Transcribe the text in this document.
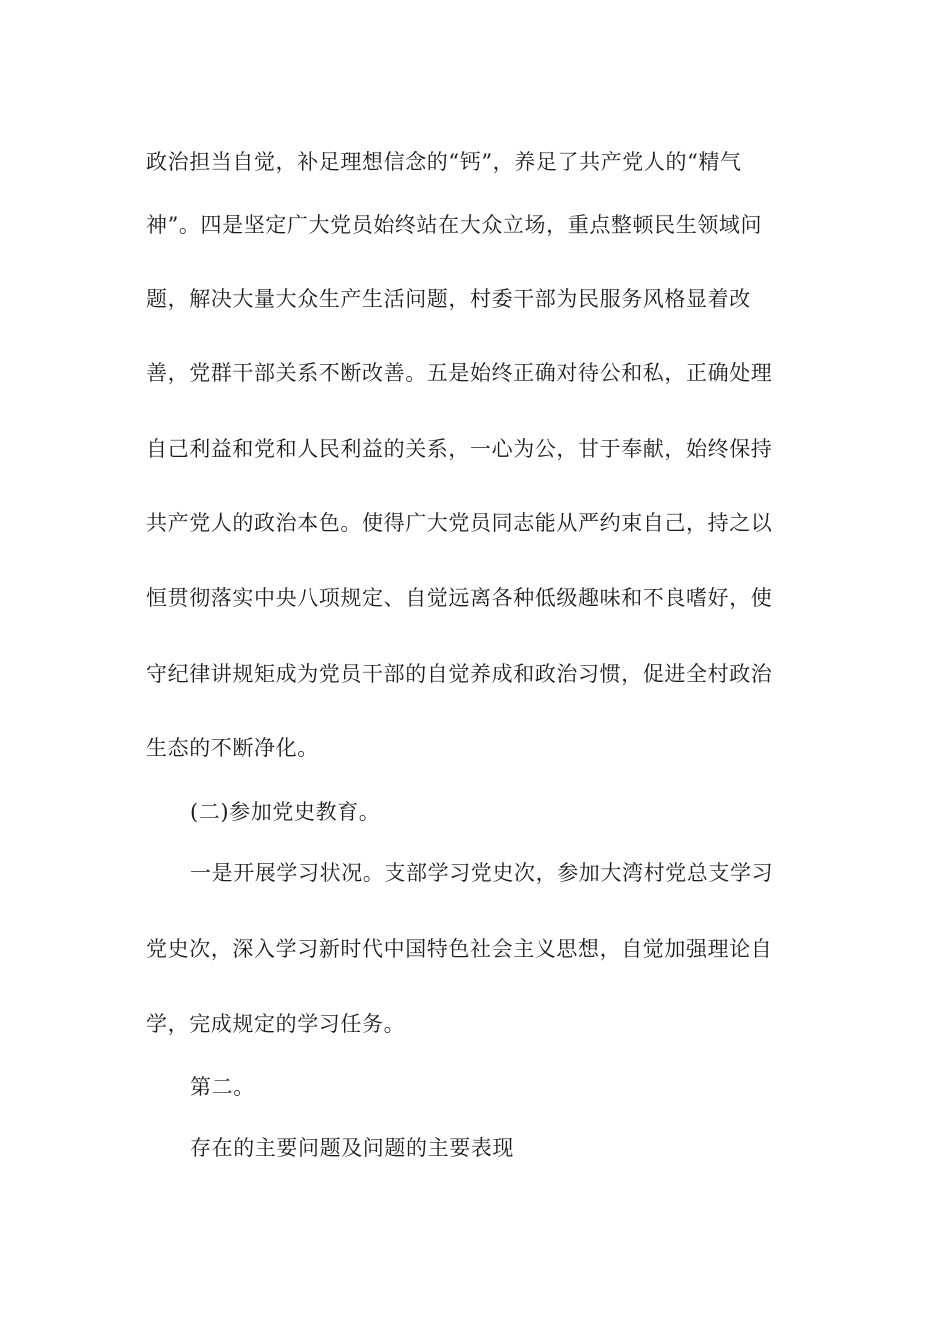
政治担当自觉，补足理想信念的“钙”，养足了共产党人的“精气
神”。四是坚定广大党员始终站在大众立场，重点整顿民生领域问
题，解决大量大众生产生活问题，村委干部为民服务风格显着改
善，党群干部关系不断改善。五是始终正确对待公和私，正确处理
自己利益和党和人民利益的关系，一心为公，甘于奉献，始终保持
共产党人的政治本色。使得广大党员同志能从严约束自己，持之以
恒贯彻落实中央八项规定、自觉远离各种低级趣味和不良嗜好，使
守纪律讲规矩成为党员干部的自觉养成和政治习惯，促进全村政治
生态的不断净化。
(二)参加党史教育。
一是开展学习状况。支部学习党史次，参加大湾村党总支学习
党史次，深入学习新时代中国特色社会主义思想，自觉加强理论自
学，完成规定的学习任务。
第二。
存在的主要问题及问题的主要表现
